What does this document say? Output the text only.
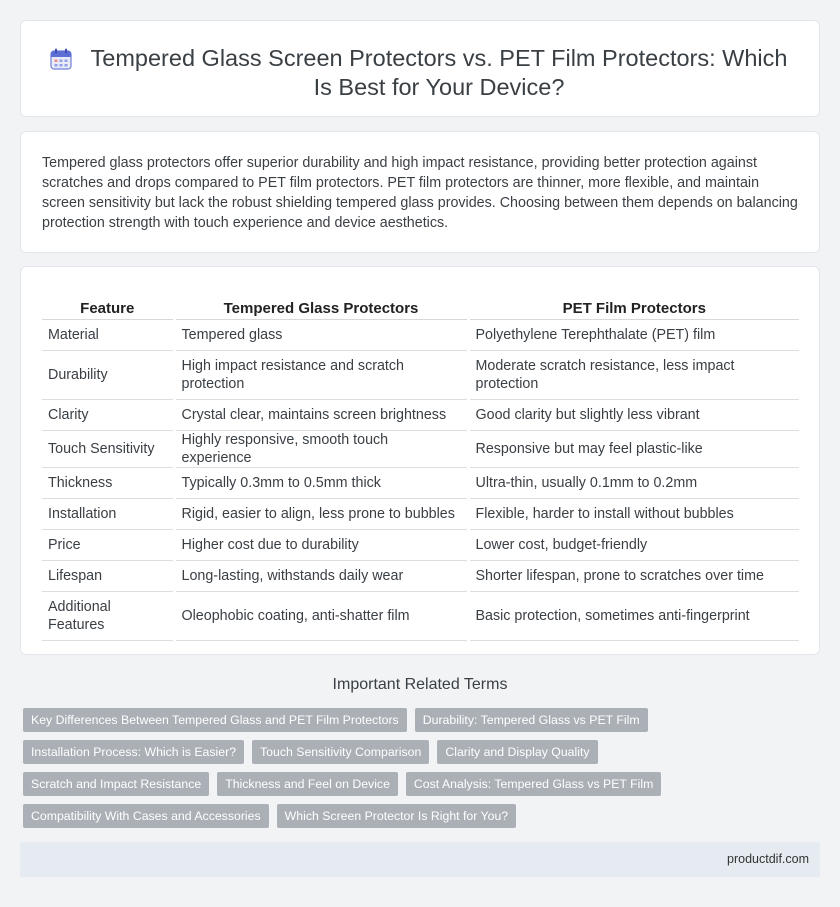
Tempered Glass Screen Protectors vs. PET Film Protectors: Which Is Best for Your Device?

Tempered glass protectors offer superior durability and high impact resistance, providing better protection against scratches and drops compared to PET film protectors. PET film protectors are thinner, more flexible, and maintain screen sensitivity but lack the robust shielding tempered glass provides. Choosing between them depends on balancing protection strength with touch experience and device aesthetics.

Feature	Tempered Glass Protectors	PET Film Protectors
Material	Tempered glass	Polyethylene Terephthalate (PET) film
Durability	High impact resistance and scratch protection	Moderate scratch resistance, less impact protection
Clarity	Crystal clear, maintains screen brightness	Good clarity but slightly less vibrant
Touch Sensitivity	Highly responsive, smooth touch experience	Responsive but may feel plastic-like
Thickness	Typically 0.3mm to 0.5mm thick	Ultra-thin, usually 0.1mm to 0.2mm
Installation	Rigid, easier to align, less prone to bubbles	Flexible, harder to install without bubbles
Price	Higher cost due to durability	Lower cost, budget-friendly
Lifespan	Long-lasting, withstands daily wear	Shorter lifespan, prone to scratches over time
Additional Features	Oleophobic coating, anti-shatter film	Basic protection, sometimes anti-fingerprint
Important Related Terms
Key Differences Between Tempered Glass and PET Film Protectors	Durability: Tempered Glass vs PET Film
Installation Process: Which is Easier?	Touch Sensitivity Comparison	Clarity and Display Quality
Scratch and Impact Resistance	Thickness and Feel on Device	Cost Analysis: Tempered Glass vs PET Film
Compatibility With Cases and Accessories	Which Screen Protector Is Right for You?
productdif.com
